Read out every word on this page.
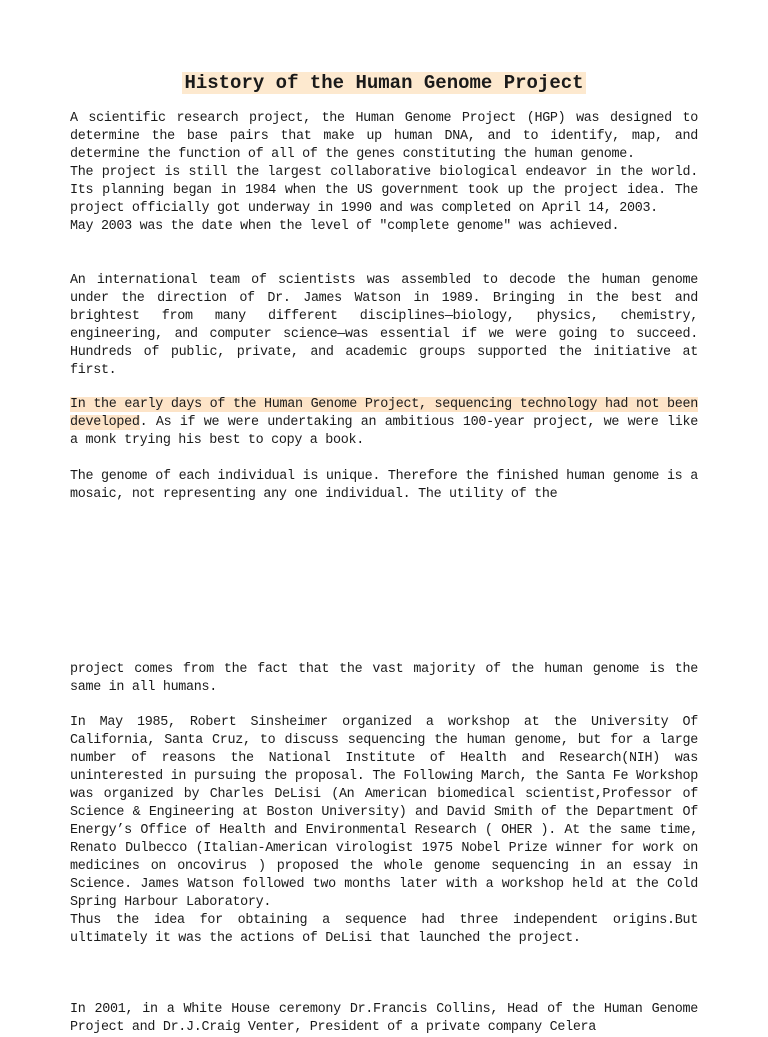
History of the Human Genome Project

A scientific research project, the Human Genome Project (HGP) was designed to determine the base pairs that make up human DNA, and to identify, map, and determine the function of all of the genes constituting the human genome.
The project is still the largest collaborative biological endeavor in the world. Its planning began in 1984 when the US government took up the project idea. The project officially got underway in 1990 and was completed on April 14, 2003.
May 2003 was the date when the level of "complete genome" was achieved.

An international team of scientists was assembled to decode the human genome under the direction of Dr. James Watson in 1989. Bringing in the best and brightest from many different disciplines—biology, physics, chemistry, engineering, and computer science—was essential if we were going to succeed. Hundreds of public, private, and academic groups supported the initiative at first.

In the early days of the Human Genome Project, sequencing technology had not been developed. As if we were undertaking an ambitious 100-year project, we were like a monk trying his best to copy a book.

The genome of each individual is unique. Therefore the finished human genome is a mosaic, not representing any one individual. The utility of the

project comes from the fact that the vast majority of the human genome is the same in all humans.

In May 1985, Robert Sinsheimer organized a workshop at the University Of California, Santa Cruz, to discuss sequencing the human genome, but for a large number of reasons the National Institute of Health and Research(NIH) was uninterested in pursuing the proposal. The Following March, the Santa Fe Workshop was organized by Charles DeLisi (An American biomedical scientist,Professor of Science & Engineering at Boston University) and David Smith of the Department Of Energy’s Office of Health and Environmental Research ( OHER ). At the same time, Renato Dulbecco (Italian-American virologist 1975 Nobel Prize winner for work on medicines on oncovirus ) proposed the whole genome sequencing in an essay in Science. James Watson followed two months later with a workshop held at the Cold Spring Harbour Laboratory.
Thus the idea for obtaining a sequence had three independent origins.But ultimately it was the actions of DeLisi that launched the project.

In 2001, in a White House ceremony Dr.Francis Collins, Head of the Human Genome Project and Dr.J.Craig Venter, President of a private company Celera
